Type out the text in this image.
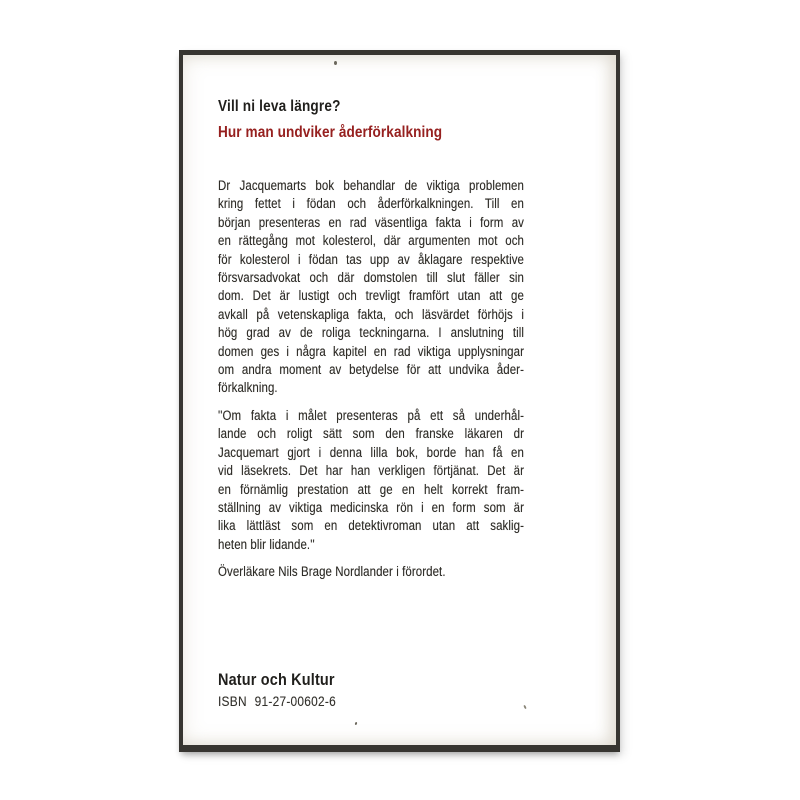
Vill ni leva längre?
Hur man undviker åderförkalkning
Dr Jacquemarts bok behandlar de viktiga problemen
kring fettet i födan och åderförkalkningen. Till en
början presenteras en rad väsentliga fakta i form av
en rättegång mot kolesterol, där argumenten mot och
för kolesterol i födan tas upp av åklagare respektive
försvarsadvokat och där domstolen till slut fäller sin
dom. Det är lustigt och trevligt framfört utan att ge
avkall på vetenskapliga fakta, och läsvärdet förhöjs i
hög grad av de roliga teckningarna. I anslutning till
domen ges i några kapitel en rad viktiga upplysningar
om andra moment av betydelse för att undvika åder-
förkalkning.
''Om fakta i målet presenteras på ett så underhål-
lande och roligt sätt som den franske läkaren dr
Jacquemart gjort i denna lilla bok, borde han få en
vid läsekrets. Det har han verkligen förtjänat. Det är
en förnämlig prestation att ge en helt korrekt fram-
ställning av viktiga medicinska rön i en form som är
lika lättläst som en detektivroman utan att saklig-
heten blir lidande.''
Överläkare Nils Brage Nordlander i förordet.
Natur och Kultur
ISBN 91-27-00602-6
